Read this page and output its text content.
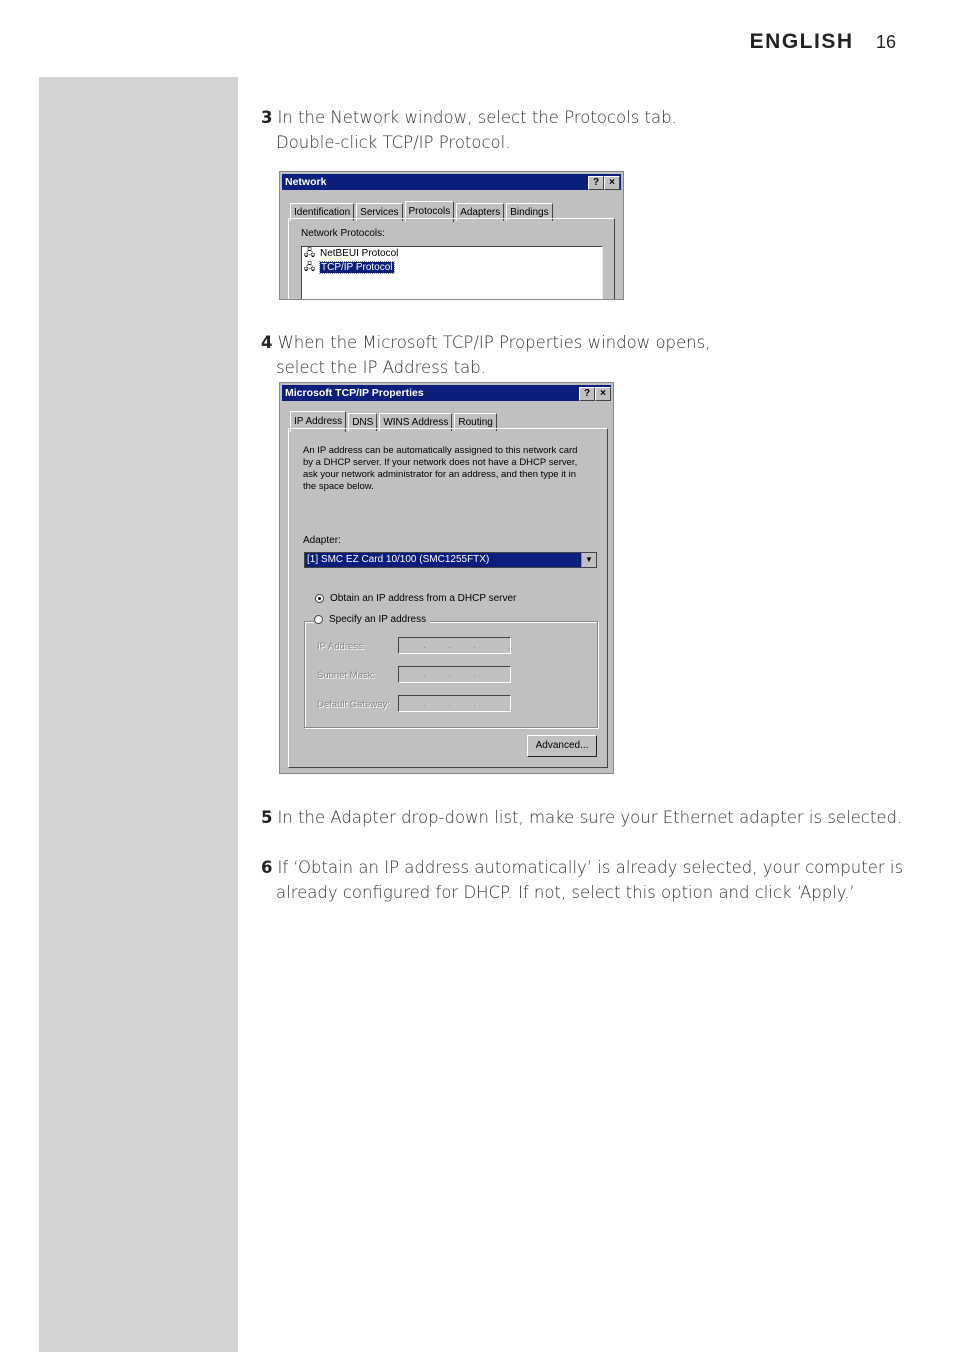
ENGLISH 16
3 In the Network window, select the Protocols tab.
Double-click TCP/IP Protocol.
Network	?	×
Identification	Services	Protocols	Adapters	Bindings
Network Protocols:
🖧 NetBEUI Protocol
🖧 TCP/IP Protocol
4 When the Microsoft TCP/IP Properties window opens,
select the IP Address tab.
Microsoft TCP/IP Properties	?	×
IP Address	DNS	WINS Address	Routing
An IP address can be automatically assigned to this network card
by a DHCP server. If your network does not have a DHCP server,
ask your network administrator for an address, and then type it in
the space below.
Adapter:
[1] SMC EZ Card 10/100 (SMC1255FTX)	▼
Obtain an IP address from a DHCP server
Specify an IP address
IP Address:	. . .
Subnet Mask:	. . .
Default Gateway:	. . .
Advanced...
5 In the Adapter drop-down list, make sure your Ethernet adapter is selected.
6 If ‘Obtain an IP address automatically’ is already selected, your computer is
already configured for DHCP. If not, select this option and click ‘Apply.’
